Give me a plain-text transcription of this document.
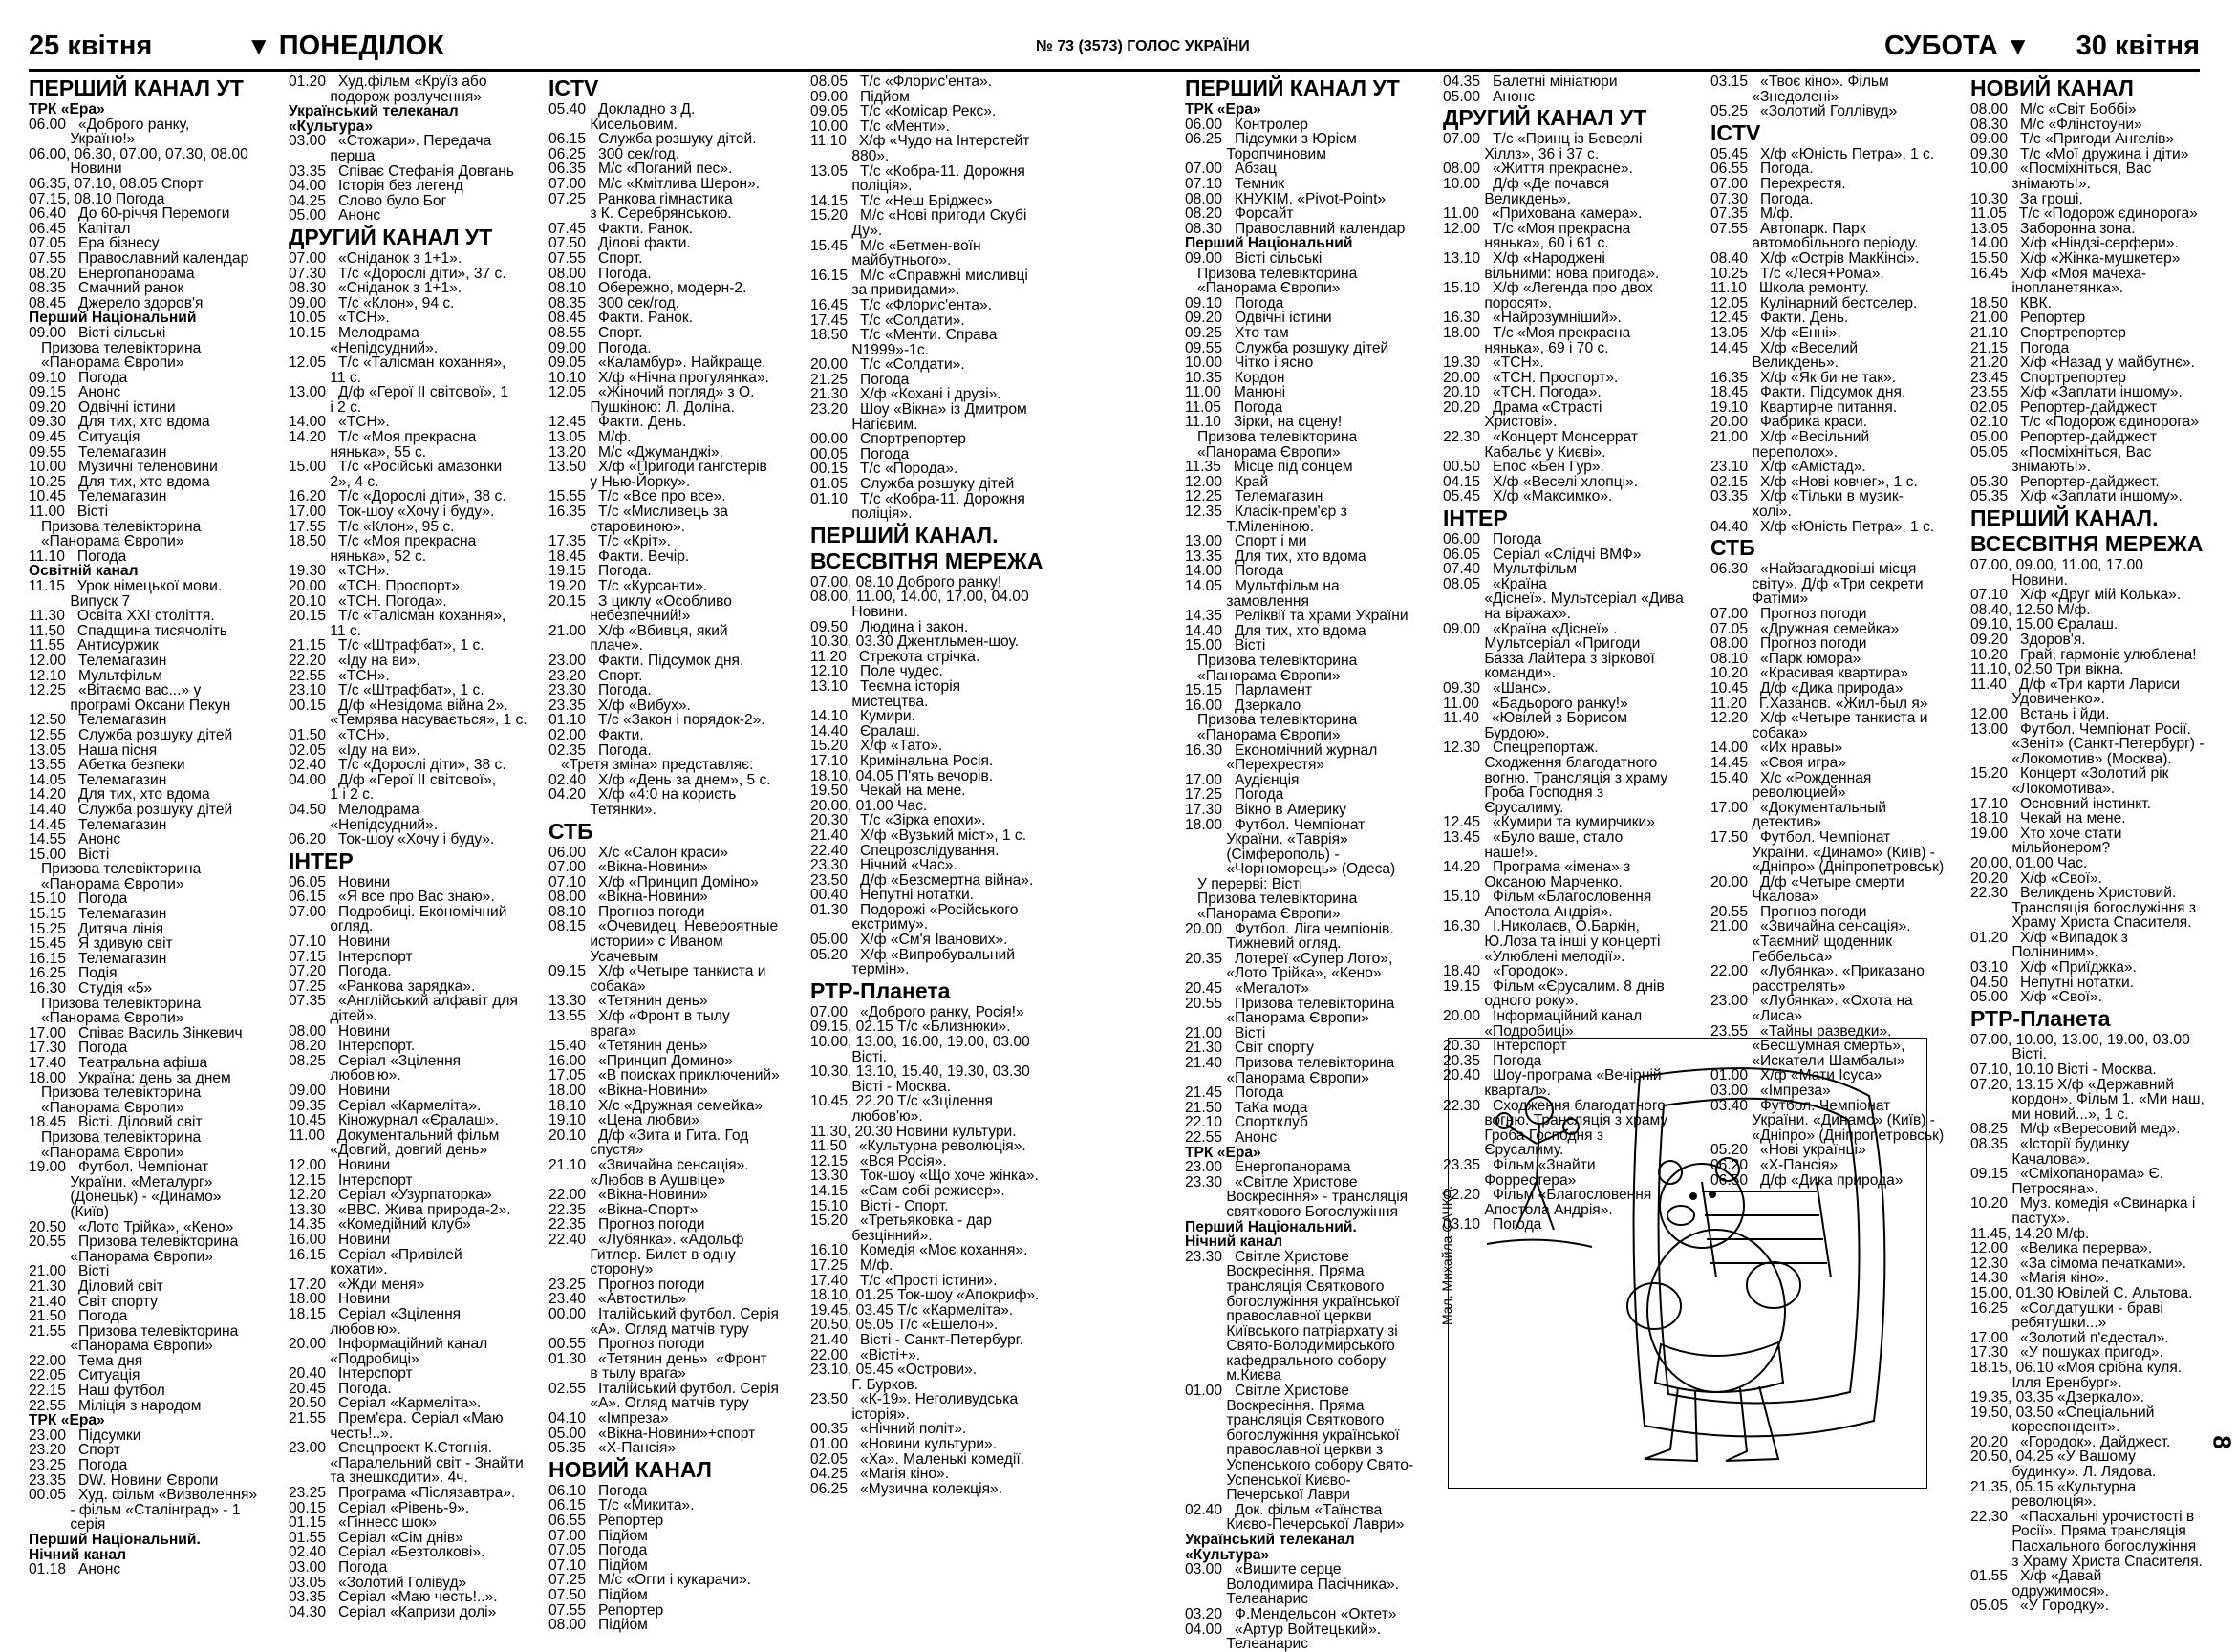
25 квітня	▼ ПОНЕДІЛОК	№ 73 (3573) ГОЛОС УКРАЇНИ	СУБОТА ▼ 30 квітня
ПЕРШИЙ КАНАЛ УТ
ТРК «Ера»
06.00   «Доброго ранку,
Україно!»
06.00, 06.30, 07.00, 07.30, 08.00
Новини
06.35, 07.10, 08.05 Спорт
07.15, 08.10 Погода
06.40   До 60-річчя Перемоги
06.45   Капітал
07.05   Ера бізнесу
07.55   Православний календар
08.20   Енергопанорама
08.35   Смачний ранок
08.45   Джерело здоров'я
Перший Національний
09.00   Вісті сільські
Призова телевікторина
«Панорама Європи»
09.10   Погода
09.15   Анонс
09.20   Одвічні істини
09.30   Для тих, хто вдома
09.45   Ситуація
09.55   Телемагазин
10.00   Музичні теленовини
10.25   Для тих, хто вдома
10.45   Телемагазин
11.00   Вісті
Призова телевікторина
«Панорама Європи»
11.10   Погода
Освітній канал
11.15   Урок німецької мови.
Випуск 7
11.30   Освіта XXI століття.
11.50   Спадщина тисячоліть
11.55   Антисуржик
12.00   Телемагазин
12.10   Мультфільм
12.25   «Вітаємо вас...» у
програмі Оксани Пекун
12.50   Телемагазин
12.55   Служба розшуку дітей
13.05   Наша пісня
13.55   Абетка безпеки
14.05   Телемагазин
14.20   Для тих, хто вдома
14.40   Служба розшуку дітей
14.45   Телемагазин
14.55   Анонс
15.00   Вісті
Призова телевікторина
«Панорама Європи»
15.10   Погода
15.15   Телемагазин
15.25   Дитяча лінія
15.45   Я здивую світ
16.15   Телемагазин
16.25   Подія
16.30   Студія «5»
Призова телевікторина
«Панорама Європи»
17.00   Співає Василь Зінкевич
17.30   Погода
17.40   Театральна афіша
18.00   Україна: день за днем
Призова телевікторина
«Панорама Європи»
18.45   Вісті. Діловий світ
Призова телевікторина
«Панорама Європи»
19.00   Футбол. Чемпіонат
України. «Металург»
(Донецьк) - «Динамо»
(Київ)
20.50   «Лото Трійка», «Кено»
20.55   Призова телевікторина
«Панорама Європи»
21.00   Вісті
21.30   Діловий світ
21.40   Світ спорту
21.50   Погода
21.55   Призова телевікторина
«Панорама Європи»
22.00   Тема дня
22.05   Ситуація
22.15   Наш футбол
22.55   Міліція з народом
ТРК «Ера»
23.00   Підсумки
23.20   Спорт
23.25   Погода
23.35   DW. Новини Європи
00.05   Худ. фільм «Визволення»
- фільм «Сталінград» - 1
серія
Перший Національний.
Нічний канал
01.18   Анонс
01.20   Худ.фільм «Круїз або
подорож розлучення»
Український телеканал
«Культура»
03.00   «Стожари». Передача
перша
03.35   Співає Стефанія Довгань
04.00   Історія без легенд
04.25   Слово було Бог
05.00   Анонс
ДРУГИЙ КАНАЛ УТ
07.00   «Сніданок з 1+1».
07.30   Т/с «Дорослі діти», 37 с.
08.30   «Сніданок з 1+1».
09.00   Т/с «Клон», 94 с.
10.05   «ТСН».
10.15   Мелодрама
«Непідсудний».
12.05   Т/с «Талісман кохання»,
11 с.
13.00   Д/ф «Герої ІІ світової», 1
і 2 с.
14.00   «ТСН».
14.20   Т/с «Моя прекрасна
нянька», 55 с.
15.00   Т/с «Російські амазонки
2», 4 с.
16.20   Т/с «Дорослі діти», 38 с.
17.00   Ток-шоу «Хочу і буду».
17.55   Т/с «Клон», 95 с.
18.50   Т/с «Моя прекрасна
нянька», 52 с.
19.30   «ТСН».
20.00   «ТСН. Проспорт».
20.10   «ТСН. Погода».
20.15   Т/с «Талісман кохання»,
11 с.
21.15   Т/с «Штрафбат», 1 с.
22.20   «Іду на ви».
22.55   «ТСН».
23.10   Т/с «Штрафбат», 1 с.
00.15   Д/ф «Невідома війна 2».
«Темрява насувається», 1 с.
01.50   «ТСН».
02.05   «Іду на ви».
02.40   Т/с «Дорослі діти», 38 с.
04.00   Д/ф «Герої ІІ світової»,
1 і 2 с.
04.50   Мелодрама
«Непідсудний».
06.20   Ток-шоу «Хочу і буду».
ІНТЕР
06.05   Новини
06.15   «Я все про Вас знаю».
07.00   Подробиці. Економічний
огляд.
07.10   Новини
07.15   Інтерспорт
07.20   Погода.
07.25   «Ранкова зарядка».
07.35   «Англійський алфавіт для
дітей».
08.00   Новини
08.20   Інтерспорт.
08.25   Серіал «Зцілення
любов'ю».
09.00   Новини
09.35   Серіал «Кармеліта».
10.45   Кіножурнал «Єралаш».
11.00   Документальний фільм
«Довгий, довгий день»
12.00   Новини
12.15   Інтерспорт
12.20   Серіал «Узурпаторка»
13.30   «ВВС. Жива природа-2».
14.35   «Комедійний клуб»
16.00   Новини
16.15   Серіал «Привілей
кохати».
17.20   «Жди меня»
18.00   Новини
18.15   Серіал «Зцілення
любов'ю».
20.00   Інформаційний канал
«Подробиці»
20.40   Інтерспорт
20.45   Погода.
20.50   Серіал «Кармеліта».
21.55   Прем'єра. Серіал «Маю
честь!..».
23.00   Спецпроект К.Стогнія.
«Паралельний світ - Знайти
та знешкодити». 4ч.
23.25   Програма «Післязавтра».
00.15   Серіал «Рівень-9».
01.15   «Гіннесс шок»
01.55   Серіал «Сім днів»
02.40   Серіал «Безтолкові».
03.00   Погода
03.05   «Золотий Голівуд»
03.35   Серіал «Маю честь!..».
04.30   Серіал «Капризи долі»
ICTV
05.40   Докладно з Д.
Кисельовим.
06.15   Служба розшуку дітей.
06.25   300 сек/год.
06.35   М/с «Поганий пес».
07.00   М/с «Кмітлива Шерон».
07.25   Ранкова гімнастика
з К. Серебрянською.
07.45   Факти. Ранок.
07.50   Ділові факти.
07.55   Спорт.
08.00   Погода.
08.10   Обережно, модерн-2.
08.35   300 сек/год.
08.45   Факти. Ранок.
08.55   Спорт.
09.00   Погода.
09.05   «Каламбур». Найкраще.
10.10   Х/ф «Нічна прогулянка».
12.05   «Жіночий погляд» з О.
Пушкіною: Л. Доліна.
12.45   Факти. День.
13.05   М/ф.
13.20   М/с «Джуманджі».
13.50   Х/ф «Пригоди гангстерів
у Нью-Йорку».
15.55   Т/с «Все про все».
16.35   Т/с «Мисливець за
старовиною».
17.35   Т/с «Кріт».
18.45   Факти. Вечір.
19.15   Погода.
19.20   Т/с «Курсанти».
20.15   З циклу «Особливо
небезпечний!»
21.00   Х/ф «Вбивця, який
плаче».
23.00   Факти. Підсумок дня.
23.20   Спорт.
23.30   Погода.
23.35   Х/ф «Вибух».
01.10   Т/с «Закон і порядок-2».
02.00   Факти.
02.35   Погода.
«Третя зміна» представляє:
02.40   Х/ф «День за днем», 5 с.
04.20   Х/ф «4:0 на користь
Тетянки».
СТБ
06.00   Х/с «Салон краси»
07.00   «Вікна-Новини»
07.10   Х/ф «Принцип Доміно»
08.00   «Вікна-Новини»
08.10   Прогноз погоди
08.15   «Очевидец. Невероятные
истории» с Иваном
Усачевым
09.15   Х/ф «Четыре танкиста и
собака»
13.30   «Тетянин день»
13.55   Х/ф «Фронт в тылу
врага»
15.40   «Тетянин день»
16.00   «Принцип Домино»
17.05   «В поисках приключений»
18.00   «Вікна-Новини»
18.10   Х/с «Дружная семейка»
19.10   «Цена любви»
20.10   Д/ф «Зита и Гита. Год
спустя»
21.10   «Звичайна сенсація».
«Любов в Аушвіце»
22.00   «Вікна-Новини»
22.35   «Вікна-Спорт»
22.35   Прогноз погоди
22.40   «Лубянка». «Адольф
Гитлер. Билет в одну
сторону»
23.25   Прогноз погоди
23.40   «Автостиль»
00.00   Італійський футбол. Серія
«А». Огляд матчів туру
00.55   Прогноз погоди
01.30   «Тетянин день»  «Фронт
в тылу врага»
02.55   Італійський футбол. Серія
«А». Огляд матчів туру
04.10   «Імпреза»
05.00   «Вікна-Новини»+спорт
05.35   «Х-Пансія»
НОВИЙ КАНАЛ
06.10   Погода
06.15   Т/с «Микита».
06.55   Репортер
07.00   Підйом
07.05   Погода
07.10   Підйом
07.25   М/с «Огги і кукарачи».
07.50   Підйом
07.55   Репортер
08.00   Підйом
08.05   Т/с «Флорис'ента».
09.00   Підйом
09.05   Т/с «Комісар Рекс».
10.00   Т/с «Менти».
11.10   Х/ф «Чудо на Інтерстейт
880».
13.05   Т/с «Кобра-11. Дорожня
поліція».
14.15   Т/с «Неш Бріджес»
15.20   М/с «Нові пригоди Скубі
Ду».
15.45   М/с «Бетмен-воїн
майбутнього».
16.15   М/с «Справжні мисливці
за привидами».
16.45   Т/с «Флорис'ента».
17.45   Т/с «Солдати».
18.50   Т/с «Менти. Справа
N1999»-1с.
20.00   Т/с «Солдати».
21.25   Погода
21.30   Х/ф «Кохані і друзі».
23.20   Шоу «Вікна» із Дмитром
Нагієвим.
00.00   Спортрепортер
00.05   Погода
00.15   Т/с «Порода».
01.05   Служба розшуку дітей
01.10   Т/с «Кобра-11. Дорожня
поліція».
ПЕРШИЙ КАНАЛ.
ВСЕСВІТНЯ МЕРЕЖА
07.00, 08.10 Доброго ранку!
08.00, 11.00, 14.00, 17.00, 04.00
Новини.
09.50   Людина і закон.
10.30, 03.30 Джентльмен-шоу.
11.20   Стрекота стрічка.
12.10   Поле чудес.
13.10   Теємна історія
мистецтва.
14.10   Кумири.
14.40   Єралаш.
15.20   Х/ф «Тато».
17.10   Кримінальна Росія.
18.10, 04.05 П'ять вечорів.
19.50   Чекай на мене.
20.00, 01.00 Час.
20.30   Т/с «Зірка епохи».
21.40   Х/ф «Вузький міст», 1 с.
22.40   Спецрозслідування.
23.30   Нічний «Час».
23.50   Д/ф «Безсмертна війна».
00.40   Непутні нотатки.
01.30   Подорожі «Російського
екстриму».
05.00   Х/ф «См'я Іванових».
05.20   Х/ф «Випробувальний
термін».
РТР-Планета
07.00   «Доброго ранку, Росія!»
09.15, 02.15 Т/с «Близнюки».
10.00, 13.00, 16.00, 19.00, 03.00
Вісті.
10.30, 13.10, 15.40, 19.30, 03.30
Вісті - Москва.
10.45, 22.20 Т/с «Зцілення
любов'ю».
11.30, 20.30 Новини культури.
11.50   «Культурна революція».
12.15   «Вся Росія».
13.30   Ток-шоу «Що хоче жінка».
14.15   «Сам собі режисер».
15.10   Вісті - Спорт.
15.20   «Третьяковка - дар
безцінний».
16.10   Комедія «Моє кохання».
17.25   М/ф.
17.40   Т/с «Прості істини».
18.10, 01.25 Ток-шоу «Апокриф».
19.45, 03.45 Т/с «Кармеліта».
20.50, 05.05 Т/с «Ешелон».
21.40   Вісті - Санкт-Петербург.
22.00   «Вісті+».
23.10, 05.45 «Острови».
Г. Бурков.
23.50   «К-19». Неголивудська
історія».
00.35   «Нічний політ».
01.00   «Новини культури».
02.05   «Ха». Маленькі комедії.
04.25   «Магія кіно».
06.25   «Музична колекція».
ПЕРШИЙ КАНАЛ УТ
ТРК «Ера»
06.00   Контролер
06.25   Підсумки з Юрієм
Торопчиновим
07.00   Абзац
07.10   Темник
08.00   КНУКІМ. «Pivot-Point»
08.20   Форсайт
08.30   Православний календар
Перший Національний
09.00   Вісті сільські
Призова телевікторина
«Панорама Європи»
09.10   Погода
09.20   Одвічні істини
09.25   Хто там
09.55   Служба розшуку дітей
10.00   Чітко і ясно
10.35   Кордон
11.00   Манюні
11.05   Погода
11.10   Зірки, на сцену!
Призова телевікторина
«Панорама Європи»
11.35   Місце під сонцем
12.00   Край
12.25   Телемагазин
12.35   Класік-прем'єр з
Т.Міленіною.
13.00   Спорт і ми
13.35   Для тих, хто вдома
14.00   Погода
14.05   Мультфільм на
замовлення
14.35   Реліквії та храми України
14.40   Для тих, хто вдома
15.00   Вісті
Призова телевікторина
«Панорама Європи»
15.15   Парламент
16.00   Дзеркало
Призова телевікторина
«Панорама Європи»
16.30   Економічний журнал
«Перехрестя»
17.00   Аудієнція
17.25   Погода
17.30   Вікно в Америку
18.00   Футбол. Чемпіонат
України. «Таврія»
(Сімферополь) -
«Чорноморець» (Одеса)
У перерві: Вісті
Призова телевікторина
«Панорама Європи»
20.00   Футбол. Ліга чемпіонів.
Тижневий огляд.
20.35   Лотереї «Супер Лото»,
«Лото Трійка», «Кено»
20.45   «Мегалот»
20.55   Призова телевікторина
«Панорама Європи»
21.00   Вісті
21.30   Світ спорту
21.40   Призова телевікторина
«Панорама Європи»
21.45   Погода
21.50   ТаКа мода
22.10   Спортклуб
22.55   Анонс
ТРК «Ера»
23.00   Енергопанорама
23.30   «Світле Христове
Воскресіння» - трансляція
святкового Богослужіння
Перший Національний.
Нічний канал
23.30   Світле Христове
Воскресіння. Пряма
трансляція Святкового
богослужіння української
православної церкви
Київського патріархату зі
Свято-Володимирського
кафедрального собору
м.Києва
01.00   Світле Христове
Воскресіння. Пряма
трансляція Святкового
богослужіння української
православної церкви з
Успенського собору Свято-
Успенської Києво-
Печерської Лаври
02.40   Док. фільм «Таїнства
Києво-Печерської Лаври»
Український телеканал
«Культура»
03.00   «Вишите серце
Володимира Пасічника».
Телеанарис
03.20   Ф.Мендельсон «Октет»
04.00   «Артур Войтецький».
Телеанарис
04.35   Балетні мініатюри
05.00   Анонс
ДРУГИЙ КАНАЛ УТ
07.00   Т/с «Принц із Беверлі
Хіллз», 36 і 37 с.
08.00   «Життя прекрасне».
10.00   Д/ф «Де почався
Великдень».
11.00   «Прихована камера».
12.00   Т/с «Моя прекрасна
нянька», 60 і 61 с.
13.10   Х/ф «Народжені
вільними: нова пригода».
15.10   Х/ф «Легенда про двох
поросят».
16.30   «Найрозумніший».
18.00   Т/с «Моя прекрасна
нянька», 69 і 70 с.
19.30   «ТСН».
20.00   «ТСН. Проспорт».
20.10   «ТСН. Погода».
20.20   Драма «Страсті
Христові».
22.30   «Концерт Монсеррат
Кабальє у Києві».
00.50   Епос «Бен Гур».
04.15   Х/ф «Веселі хлопці».
05.45   Х/ф «Максимко».
ІНТЕР
06.00   Погода
06.05   Серіал «Слідчі ВМФ»
07.40   Мультфільм
08.05   «Країна
«Діснеї». Мультсеріал «Дива
на віражах».
09.00   «Країна «Діснеї» .
Мультсеріал «Пригоди
Базза Лайтера з зіркової
команди».
09.30   «Шанс».
11.00   «Бадьорого ранку!»
11.40   «Ювілей з Борисом
Бурдою».
12.30   Спецрепортаж.
Сходження благодатного
вогню. Трансляція з храму
Гроба Господня з
Єрусалиму.
12.45   «Кумири та кумирчики»
13.45   «Було ваше, стало
наше!».
14.20   Програма «імена» з
Оксаною Марченко.
15.10   Фільм «Благословення
Апостола Андрія».
16.30   І.Николаєв, О.Баркін,
Ю.Лоза та інші у концерті
«Улюблені мелодії».
18.40   «Городок».
19.15   Фільм «Єрусалим. 8 днів
одного року».
20.00   Інформаційний канал
«Подробиці»
20.30   Інтерспорт
20.35   Погода
20.40   Шоу-програма «Вечірній
квартал».
22.30   Сходження благодатного
вогню. Трансляція з храму
Гроба Господня з
Єрусалиму.
23.35   Фільм «Знайти
Форрестера»
02.20   Фільм «Благословення
Апостола Андрія».
03.10   Погода
03.15   «Твоє кіно». Фільм
«Знедолені»
05.25   «Золотий Голлівуд»
ICTV
05.45   Х/ф «Юність Петра», 1 с.
06.55   Погода.
07.00   Перехрестя.
07.30   Погода.
07.35   М/ф.
07.55   Автопарк. Парк
автомобільного періоду.
08.40   Х/ф «Острів МакКінсі».
10.25   Т/с «Леся+Рома».
11.10   Школа ремонту.
12.05   Кулінарний бестселер.
12.45   Факти. День.
13.05   Х/ф «Енні».
14.45   Х/ф «Веселий
Великдень».
16.35   Х/ф «Як би не так».
18.45   Факти. Підсумок дня.
19.10   Квартирне питання.
20.00   Фабрика краси.
21.00   Х/ф «Весільний
переполох».
23.10   Х/ф «Амістад».
02.15   Х/ф «Нові ковчег», 1 с.
03.35   Х/ф «Тільки в музик-
холі».
04.40   Х/ф «Юність Петра», 1 с.
СТБ
06.30   «Найзагадковіші місця
світу». Д/ф «Три секрети
Фатіми»
07.00   Прогноз погоди
07.05   «Дружная семейка»
08.00   Прогноз погоди
08.10   «Парк юмора»
10.20   «Красивая квартира»
10.45   Д/ф «Дика природа»
11.20   Г.Хазанов. «Жил-был я»
12.20   Х/ф «Четыре танкиста и
собака»
14.00   «Их нравы»
14.45   «Своя игра»
15.40   Х/с «Рожденная
революцией»
17.00   «Документальный
детектив»
17.50   Футбол. Чемпіонат
України. «Динамо» (Київ) -
«Дніпро» (Дніпропетровськ)
20.00   Д/ф «Четыре смерти
Чкалова»
20.55   Прогноз погоди
21.00   «Звичайна сенсація».
«Таємний щоденник
Геббельса»
22.00   «Лубянка». «Приказано
расстрелять»
23.00   «Лубянка». «Охота на
«Лиса»
23.55   «Тайны разведки».
«Бесшумная смерть»,
«Искатели Шамбалы»
01.00   Х/ф «Мати Ісуса»
03.00   «Імпреза»
03.40   Футбол. Чемпіонат
України. «Динамо» (Київ) -
«Дніпро» (Дніпропетровськ)
05.20   «Нові українці»
06.20   «Х-Пансія»
06.50   Д/ф «Дика природа»
НОВИЙ КАНАЛ
08.00   М/с «Світ Боббі»
08.30   М/с «Флінстоуни»
09.00   Т/с «Пригоди Ангелів»
09.30   Т/с «Мої дружина і діти»
10.00   «Посміхніться, Вас
знімають!».
10.30   За гроші.
11.05   Т/с «Подорож єдинорога»
13.05   Заборонна зона.
14.00   Х/ф «Ніндзі-серфери».
15.50   Х/ф «Жінка-мушкетер»
16.45   Х/ф «Моя мачеха-
інопланетянка».
18.50   КВК.
21.00   Репортер
21.10   Спортрепортер
21.15   Погода
21.20   Х/ф «Назад у майбутнє».
23.45   Спортрепортер
23.55   Х/ф «Заплати іншому».
02.05   Репортер-дайджест
02.10   Т/с «Подорож єдинорога»
05.00   Репортер-дайджест
05.05   «Посміхніться, Вас
знімають!».
05.30   Репортер-дайджест.
05.35   Х/ф «Заплати іншому».
ПЕРШИЙ КАНАЛ.
ВСЕСВІТНЯ МЕРЕЖА
07.00, 09.00, 11.00, 17.00
Новини.
07.10   Х/ф «Друг мій Колька».
08.40, 12.50 М/ф.
09.10, 15.00 Єралаш.
09.20   Здоров'я.
10.20   Грай, гармоніє улюблена!
11.10, 02.50 Три вікна.
11.40   Д/ф «Три карти Лариси
Удовиченко».
12.00   Встань і йди.
13.00   Футбол. Чемпіонат Росії.
«Зеніт» (Санкт-Петербург) -
«Локомотив» (Москва).
15.20   Концерт «Золотий рік
«Локомотива».
17.10   Основний інстинкт.
18.10   Чекай на мене.
19.00   Хто хоче стати
мільйонером?
20.00, 01.00 Час.
20.20   Х/ф «Свої».
22.30   Великдень Христовий.
Трансляція богослужіння з
Храму Христа Спасителя.
01.20   Х/ф «Випадок з
Поліниним».
03.10   Х/ф «Приїджка».
04.50   Непутні нотатки.
05.00   Х/ф «Свої».
РТР-Планета
07.00, 10.00, 13.00, 19.00, 03.00
Вісті.
07.10, 10.10 Вісті - Москва.
07.20, 13.15 Х/ф «Державний
кордон». Фільм 1. «Ми наш,
ми новий...», 1 с.
08.25   М/ф «Вересовий мед».
08.35   «Історії будинку
Качалова».
09.15   «Сміхопанорама» Є.
Петросяна».
10.20   Муз. комедія «Свинарка і
пастух».
11.45, 14.20 М/ф.
12.00   «Велика перерва».
12.30   «За сімома печатками».
14.30   «Магія кіно».
15.00, 01.30 Ювілей С. Альтова.
16.25   «Солдатушки - браві
ребятушки...»
17.00   «Золотий п'єдестал».
17.30   «У пошуках пригод».
18.15, 06.10 «Моя срібна куля.
Ілля Еренбург».
19.35, 03.35 «Дзеркало».
19.50, 03.50 «Спеціальний
кореспондент».
20.20   «Городок». Дайджест.
20.50, 04.25 «У Вашому
будинку». Л. Лядова.
21.35, 05.15 «Культурна
революція».
22.30   «Пасхальні урочистості в
Росії». Пряма трансляція
Пасхального богослужіння
з Храму Христа Спасителя.
01.55   Х/ф «Давай
одружимося».
05.05   «У Городку».
Мал. Михайла САЧКА.
8
